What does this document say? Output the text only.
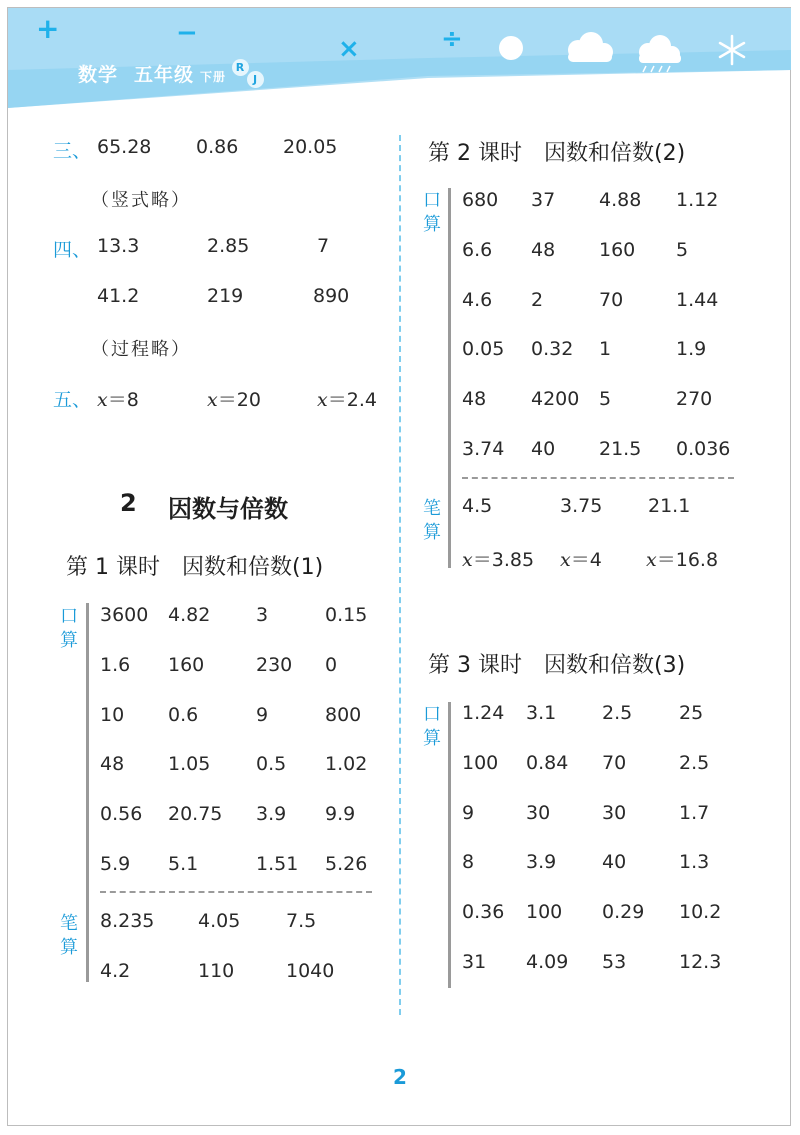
+	−
×	÷
数学 五年级 下册
R
J
三、 65.28 0.86 20.05
（竖式略）
四、 13.3	2.85	7
41.2	219	890
（过程略）
五、 x＝8	x＝20	x＝2.4
2 因数与倍数
第 1 课时　因数和倍数(1)
口
算
3600 4.82 3	0.15
1.6 160	230 0
10 0.6	9	800
48 1.05 0.5 1.02
0.56 20.75 3.9 9.9
5.9 5.1	1.51 5.26
笔
算
8.235 4.05 7.5
4.2	110	1040
第 2 课时　因数和倍数(2)
口
算
680 37 4.88 1.12
6.6 48 160 5
4.6 2	70	1.44
0.05 0.32 1	1.9
48 4200 5	270
3.74 40 21.5 0.036
笔
算
4.5	3.75 21.1
x＝3.85 x＝4 x＝16.8
第 3 课时　因数和倍数(3)
口
算
1.24 3.1 2.5 25
100 0.84 70	2.5
9	30	30	1.7
8	3.9 40	1.3
0.36 100 0.29 10.2
31 4.09 53	12.3
2
